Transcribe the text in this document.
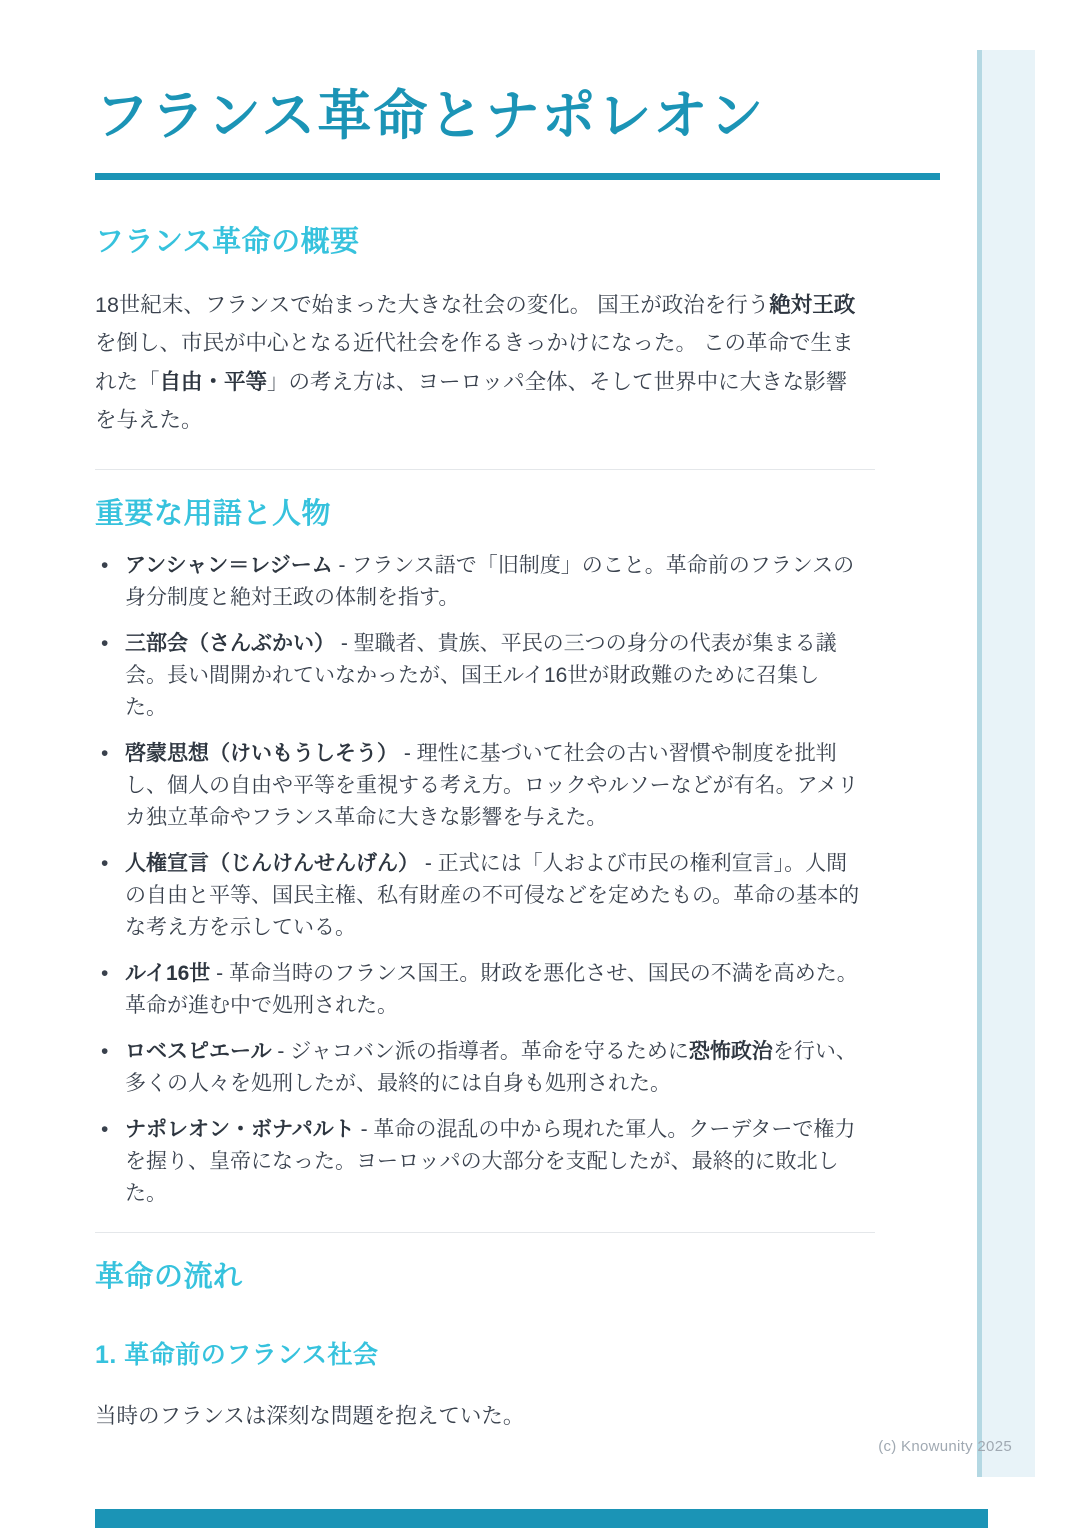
フランス革命とナポレオン
フランス革命の概要

18世紀末、フランスで始まった大きな社会の変化。 国王が政治を行う絶対王政を倒し、市民が中心となる近代社会を作るきっかけになった。 この革命で生まれた「自由・平等」の考え方は、ヨーロッパ全体、そして世界中に大きな影響を与えた。

重要な用語と人物
• アンシャン＝レジーム - フランス語で「旧制度」のこと。革命前のフランスの身分制度と絶対王政の体制を指す。
• 三部会（さんぶかい） - 聖職者、貴族、平民の三つの身分の代表が集まる議会。長い間開かれていなかったが、国王ルイ16世が財政難のために召集した。
• 啓蒙思想（けいもうしそう） - 理性に基づいて社会の古い習慣や制度を批判し、個人の自由や平等を重視する考え方。ロックやルソーなどが有名。アメリカ独立革命やフランス革命に大きな影響を与えた。
• 人権宣言（じんけんせんげん） - 正式には「人および市民の権利宣言」。人間の自由と平等、国民主権、私有財産の不可侵などを定めたもの。革命の基本的な考え方を示している。
• ルイ16世 - 革命当時のフランス国王。財政を悪化させ、国民の不満を高めた。革命が進む中で処刑された。
• ロベスピエール - ジャコバン派の指導者。革命を守るために恐怖政治を行い、多くの人々を処刑したが、最終的には自身も処刑された。
• ナポレオン・ボナパルト - 革命の混乱の中から現れた軍人。クーデターで権力を握り、皇帝になった。ヨーロッパの大部分を支配したが、最終的に敗北した。
革命の流れ
1. 革命前のフランス社会

当時のフランスは深刻な問題を抱えていた。

(c) Knowunity 2025
